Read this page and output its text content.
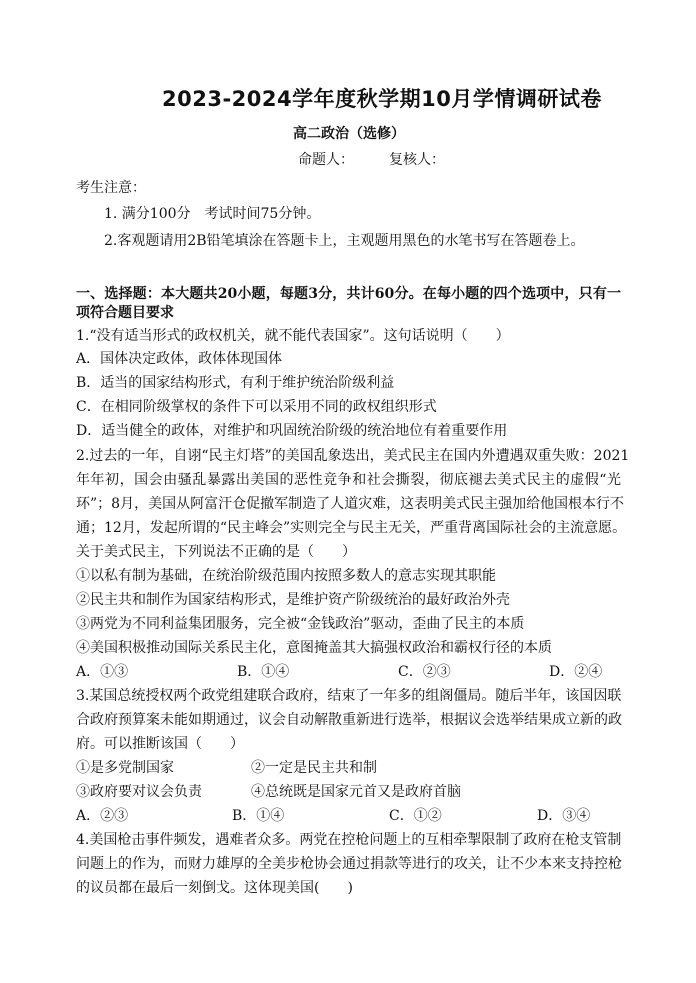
2023-2024学年度秋学期10月学情调研试卷
高二政治（选修）
命题人：　　　复核人：
考生注意：
1. 满分100分　考试时间75分钟。
2.客观题请用2B铅笔填涂在答题卡上，主观题用黑色的水笔书写在答题卷上。
一、选择题：本大题共20小题，每题3分，共计60分。在每小题的四个选项中，只有一
项符合题目要求
1.“没有适当形式的政权机关，就不能代表国家”。这句话说明（　　）
A．国体决定政体，政体体现国体
B．适当的国家结构形式，有利于维护统治阶级利益
C．在相同阶级掌权的条件下可以采用不同的政权组织形式
D．适当健全的政体，对维护和巩固统治阶级的统治地位有着重要作用
2.过去的一年，自诩“民主灯塔”的美国乱象迭出，美式民主在国内外遭遇双重失败：2021
年年初，国会由骚乱暴露出美国的恶性竞争和社会撕裂，彻底褪去美式民主的虚假“光
环”；8月，美国从阿富汗仓促撤军制造了人道灾难，这表明美式民主强加给他国根本行不
通；12月，发起所谓的“民主峰会”实则完全与民主无关，严重背离国际社会的主流意愿。
关于美式民主，下列说法不正确的是（　　）
①以私有制为基础，在统治阶级范围内按照多数人的意志实现其职能
②民主共和制作为国家结构形式，是维护资产阶级统治的最好政治外壳
③两党为不同利益集团服务，完全被“金钱政治”驱动，歪曲了民主的本质
④美国积极推动国际关系民主化，意图掩盖其大搞强权政治和霸权行径的本质
A．①③	B．①④	C．②③	D．②④
3.某国总统授权两个政党组建联合政府，结束了一年多的组阁僵局。随后半年，该国因联
合政府预算案未能如期通过，议会自动解散重新进行选举，根据议会选举结果成立新的政
府。可以推断该国（　　）
①是多党制国家	②一定是民主共和制
③政府要对议会负责	④总统既是国家元首又是政府首脑
A．②③	B．①④	C．①②	D．③④
4.美国枪击事件频发，遇难者众多。两党在控枪问题上的互相牵掣限制了政府在枪支管制
问题上的作为，而财力雄厚的全美步枪协会通过捐款等进行的攻关，让不少本来支持控枪
的议员都在最后一刻倒戈。这体现美国(　　)
